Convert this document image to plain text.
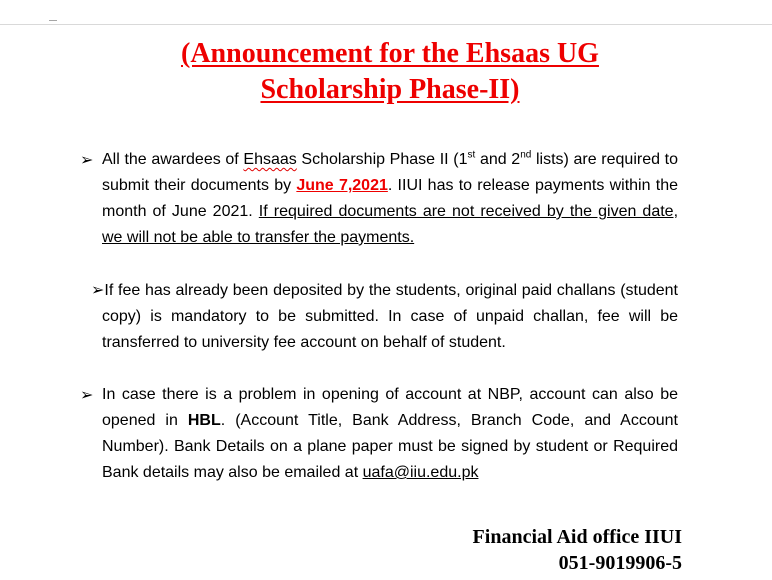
(Announcement for the Ehsaas UG
Scholarship Phase-II)
➢ All the awardees of Ehsaas Scholarship Phase II (1st and 2nd lists) are required to submit their documents by June 7,2021. IIUI has to release payments within the month of June 2021. If required documents are not received by the given date, we will not be able to transfer the payments.

➢If fee has already been deposited by the students, original paid challans (student copy) is mandatory to be submitted. In case of unpaid challan, fee will be transferred to university fee account on behalf of student.

➢ In case there is a problem in opening of account at NBP, account can also be opened in HBL. (Account Title, Bank Address, Branch Code, and Account Number). Bank Details on a plane paper must be signed by student or Required Bank details may also be emailed at uafa@iiu.edu.pk

Financial Aid office IIUI
051-9019906-5
